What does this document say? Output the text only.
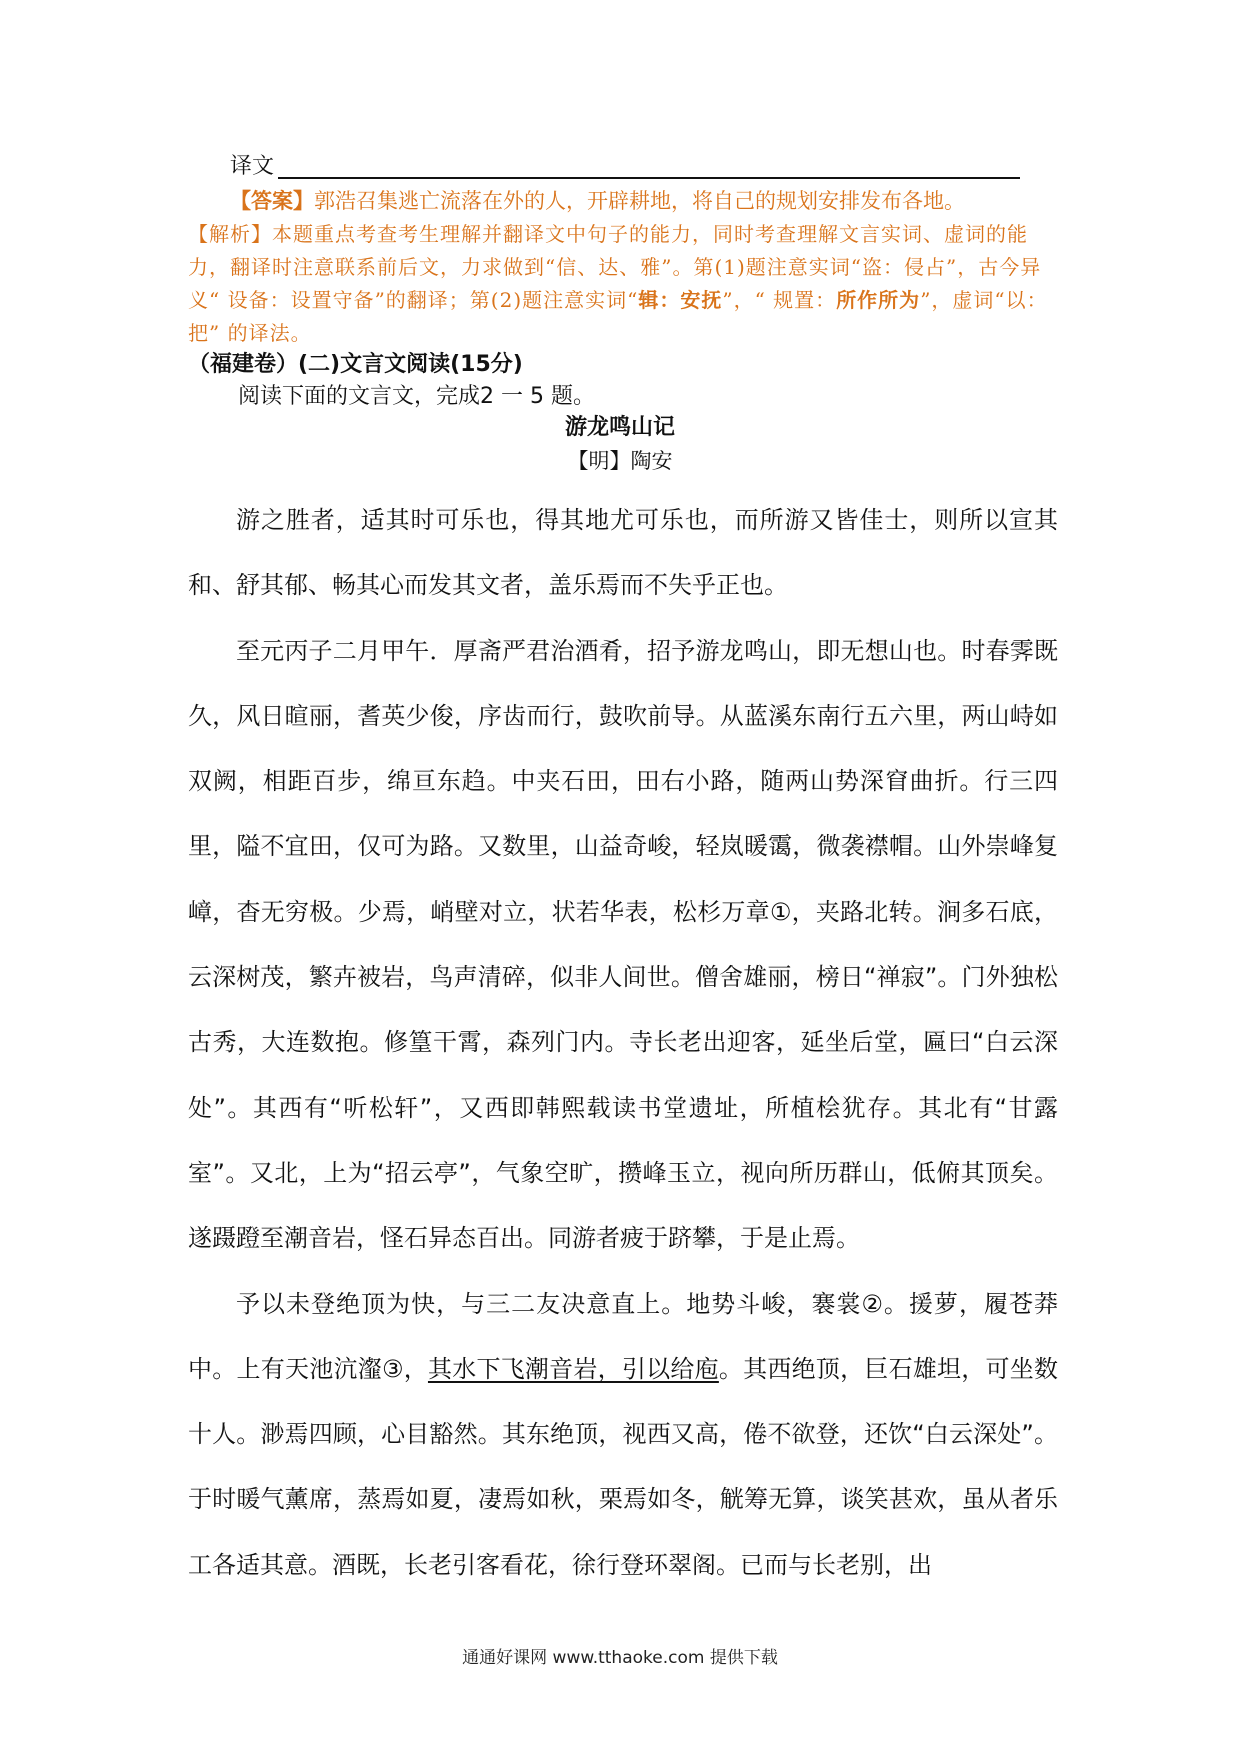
译文
【答案】郭浩召集逃亡流落在外的人，开辟耕地，将自己的规划安排发布各地。
【解析】本题重点考查考生理解并翻译文中句子的能力，同时考查理解文言实词、虚词的能力，翻译时注意联系前后文，力求做到“信、达、雅”。第(1)题注意实词“盗：侵占”，古今异义“ 设备：设置守备”的翻译；第(2)题注意实词“辑：安抚”，“ 规置：所作所为”，虚词“以：把” 的译法。
（福建卷）(二)文言文阅读(15分)
阅读下面的文言文，完成2 一 5 题。
游龙鸣山记
【明】陶安

游之胜者，适其时可乐也，得其地尤可乐也，而所游又皆佳士，则所以宣其和、舒其郁、畅其心而发其文者，盖乐焉而不失乎正也。

至元丙子二月甲午．厚斋严君治酒肴，招予游龙鸣山，即无想山也。时春霁既久，风日暄丽，耆英少俊，序齿而行，鼓吹前导。从蓝溪东南行五六里，两山峙如双阙，相距百步，绵亘东趋。中夹石田，田右小路，随两山势深窅曲折。行三四里，隘不宜田，仅可为路。又数里，山益奇峻，轻岚暖霭，微袭襟帽。山外崇峰复嶂，杳无穷极。少焉，峭壁对立，状若华表，松杉万章①，夹路北转。涧多石底，云深树茂，繁卉被岩，鸟声清碎，似非人间世。僧舍雄丽，榜日“禅寂”。门外独松古秀，大连数抱。修篁干霄，森列门内。寺长老出迎客，延坐后堂，匾曰“白云深处”。其西有“听松轩”，又西即韩熙载读书堂遗址，所植桧犹存。其北有“甘露室”。又北，上为“招云亭”，气象空旷，攒峰玉立，视向所历群山，低俯其顶矣。遂蹑蹬至潮音岩，怪石异态百出。同游者疲于跻攀，于是止焉。

予以未登绝顶为快，与三二友决意直上。地势斗峻，褰裳②。援萝，履苍莽中。上有天池沆瀣③，其水下飞潮音岩，引以给庖。其西绝顶，巨石雄坦，可坐数十人。渺焉四顾，心目豁然。其东绝顶，视西又高，倦不欲登，还饮“白云深处”。于时暖气薰席，蒸焉如夏，凄焉如秋，栗焉如冬，觥筹无算，谈笑甚欢，虽从者乐工各适其意。酒既，长老引客看花，徐行登环翠阁。已而与长老别，出

通通好课网 www.tthaoke.com 提供下载
